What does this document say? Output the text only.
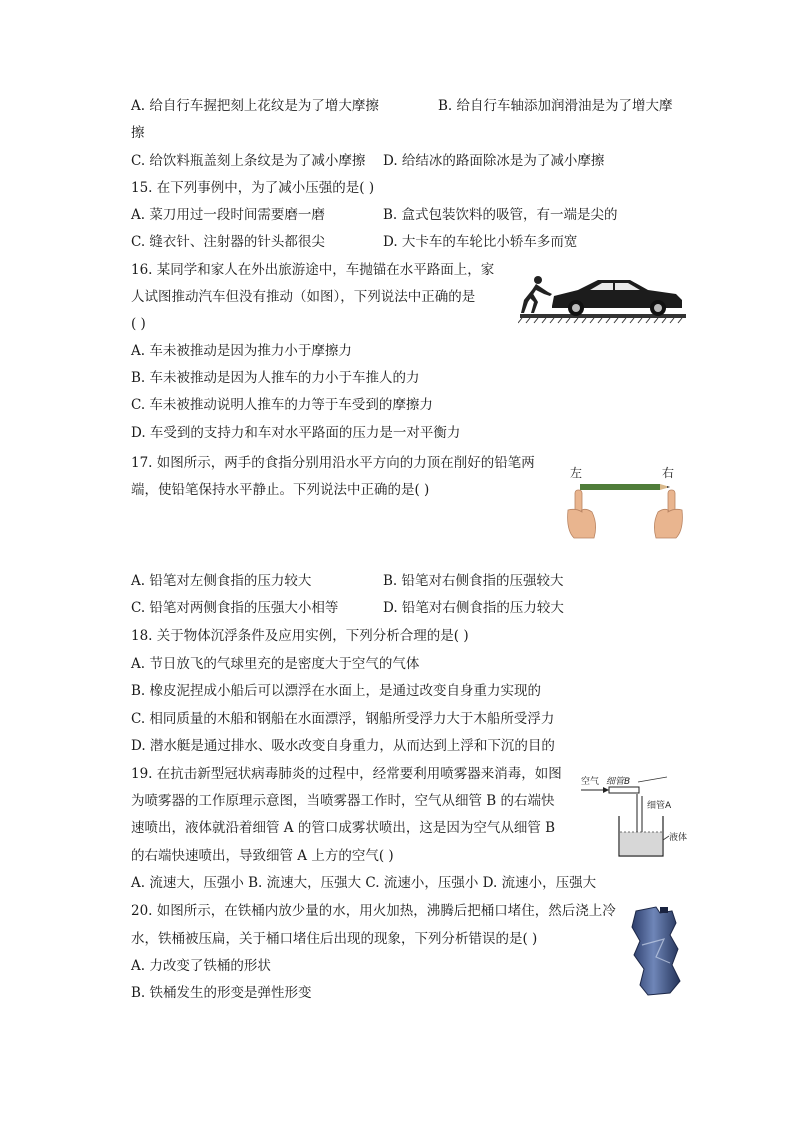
A. 给自行车握把刻上花纹是为了增大摩擦	B. 给自行车轴添加润滑油是为了增大摩
擦
C. 给饮料瓶盖刻上条纹是为了减小摩擦 D. 给结冰的路面除冰是为了减小摩擦
15. 在下列事例中，为了减小压强的是( )
A. 菜刀用过一段时间需要磨一磨	B. 盒式包装饮料的吸管，有一端是尖的
C. 缝衣针、注射器的针头都很尖	D. 大卡车的车轮比小轿车多而宽
16. 某同学和家人在外出旅游途中，车抛锚在水平路面上，家
人试图推动汽车但没有推动（如图），下列说法中正确的是
( )
A. 车未被推动是因为推力小于摩擦力
B. 车未被推动是因为人推车的力小于车推人的力
C. 车未被推动说明人推车的力等于车受到的摩擦力
D. 车受到的支持力和车对水平路面的压力是一对平衡力
17. 如图所示，两手的食指分别用沿水平方向的力顶在削好的铅笔两
端，使铅笔保持水平静止。下列说法中正确的是( )
左	右
A. 铅笔对左侧食指的压力较大	B. 铅笔对右侧食指的压强较大
C. 铅笔对两侧食指的压强大小相等	D. 铅笔对右侧食指的压力较大
18. 关于物体沉浮条件及应用实例，下列分析合理的是( )
A. 节日放飞的气球里充的是密度大于空气的气体
B. 橡皮泥捏成小船后可以漂浮在水面上，是通过改变自身重力实现的
C. 相同质量的木船和钢船在水面漂浮，钢船所受浮力大于木船所受浮力
D. 潜水艇是通过排水、吸水改变自身重力，从而达到上浮和下沉的目的
19. 在抗击新型冠状病毒肺炎的过程中，经常要利用喷雾器来消毒，如图
为喷雾器的工作原理示意图，当喷雾器工作时，空气从细管 B 的右端快
速喷出，液体就沿着细管 A 的管口成雾状喷出，这是因为空气从细管 B
的右端快速喷出，导致细管 A 上方的空气( )
A. 流速大，压强小 B. 流速大，压强大 C. 流速小，压强小 D. 流速小，压强大
空气 细管B
细管A
液体
20. 如图所示，在铁桶内放少量的水，用火加热，沸腾后把桶口堵住，然后浇上冷
水，铁桶被压扁，关于桶口堵住后出现的现象，下列分析错误的是( )
A. 力改变了铁桶的形状
B. 铁桶发生的形变是弹性形变
